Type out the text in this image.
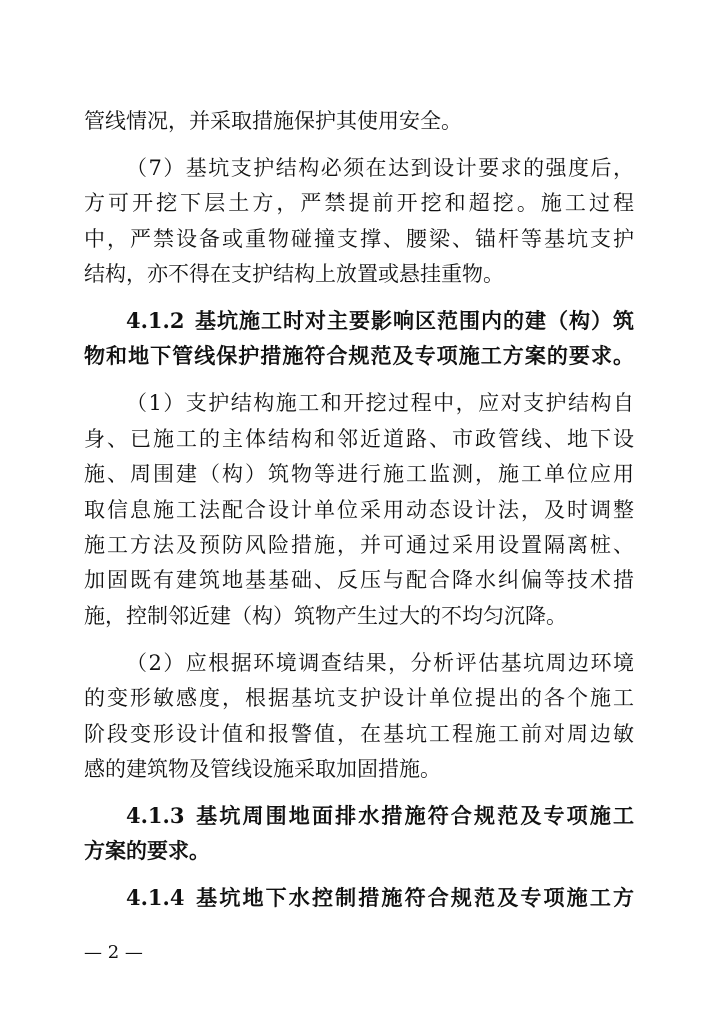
管线情况，并采取措施保护其使用安全。
（7）基坑支护结构必须在达到设计要求的强度后，
方可开挖下层土方，严禁提前开挖和超挖。施工过程
中，严禁设备或重物碰撞支撑、腰梁、锚杆等基坑支护
结构，亦不得在支护结构上放置或悬挂重物。
4.1.2 基坑施工时对主要影响区范围内的建（构）筑
物和地下管线保护措施符合规范及专项施工方案的要求。
（1）支护结构施工和开挖过程中，应对支护结构自
身、已施工的主体结构和邻近道路、市政管线、地下设
施、周围建（构）筑物等进行施工监测，施工单位应用
取信息施工法配合设计单位采用动态设计法，及时调整
施工方法及预防风险措施，并可通过采用设置隔离桩、
加固既有建筑地基基础、反压与配合降水纠偏等技术措
施，控制邻近建（构）筑物产生过大的不均匀沉降。
（2）应根据环境调查结果，分析评估基坑周边环境
的变形敏感度，根据基坑支护设计单位提出的各个施工
阶段变形设计值和报警值，在基坑工程施工前对周边敏
感的建筑物及管线设施采取加固措施。
4.1.3 基坑周围地面排水措施符合规范及专项施工
方案的要求。
4.1.4 基坑地下水控制措施符合规范及专项施工方
— 2 —
